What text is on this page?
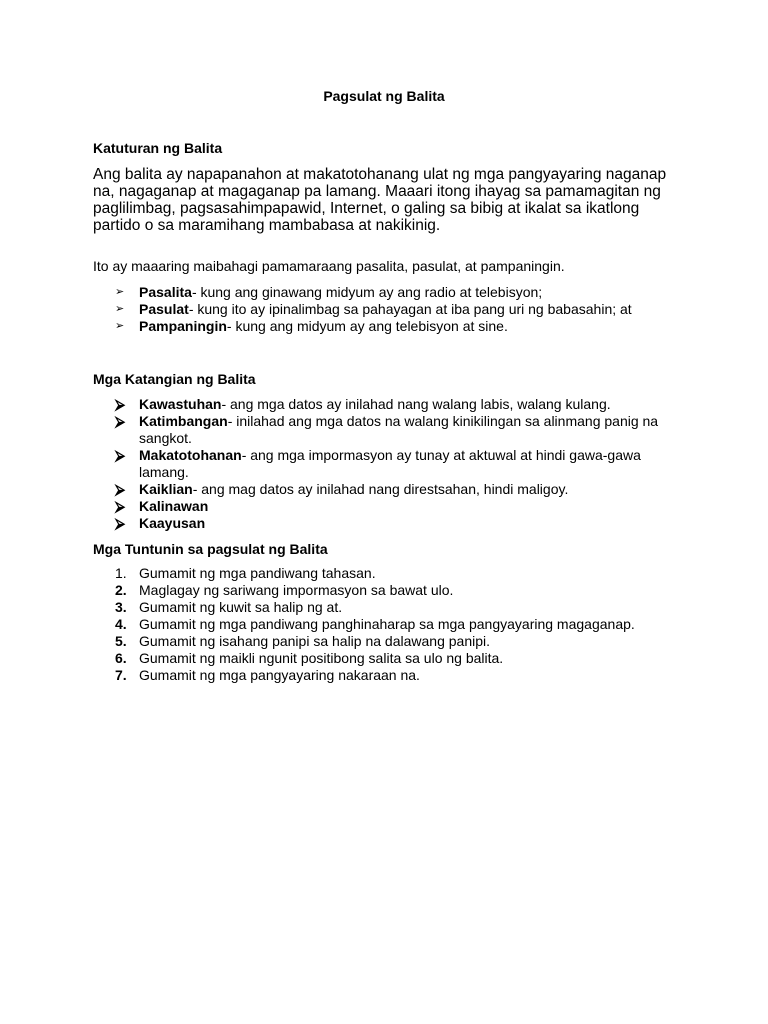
Pagsulat ng Balita
Katuturan ng Balita

Ang balita ay napapanahon at makatotohanang ulat ng mga pangyayaring naganap na, nagaganap at magaganap pa lamang. Maaari itong ihayag sa pamamagitan ng paglilimbag, pagsasahimpapawid, Internet, o galing sa bibig at ikalat sa ikatlong partido o sa maramihang mambabasa at nakikinig.

Ito ay maaaring maibahagi pamamaraang pasalita, pasulat, at pampaningin.

➢	Pasalita- kung ang ginawang midyum ay ang radio at telebisyon;
➢	Pasulat- kung ito ay ipinalimbag sa pahayagan at iba pang uri ng babasahin; at
➢	Pampaningin- kung ang midyum ay ang telebisyon at sine.
Mga Katangian ng Balita
⮚	Kawastuhan- ang mga datos ay inilahad nang walang labis, walang kulang.
⮚	Katimbangan- inilahad ang mga datos na walang kinikilingan sa alinmang panig na sangkot.
⮚	Makatotohanan- ang mga impormasyon ay tunay at aktuwal at hindi gawa-gawa lamang.
⮚	Kaiklian- ang mag datos ay inilahad nang direstsahan, hindi maligoy.
⮚	Kalinawan
⮚	Kaayusan
Mga Tuntunin sa pagsulat ng Balita
1. Gumamit ng mga pandiwang tahasan.
2. Maglagay ng sariwang impormasyon sa bawat ulo.
3. Gumamit ng kuwit sa halip ng at.
4. Gumamit ng mga pandiwang panghinaharap sa mga pangyayaring magaganap.
5. Gumamit ng isahang panipi sa halip na dalawang panipi.
6. Gumamit ng maikli ngunit positibong salita sa ulo ng balita.
7. Gumamit ng mga pangyayaring nakaraan na.
